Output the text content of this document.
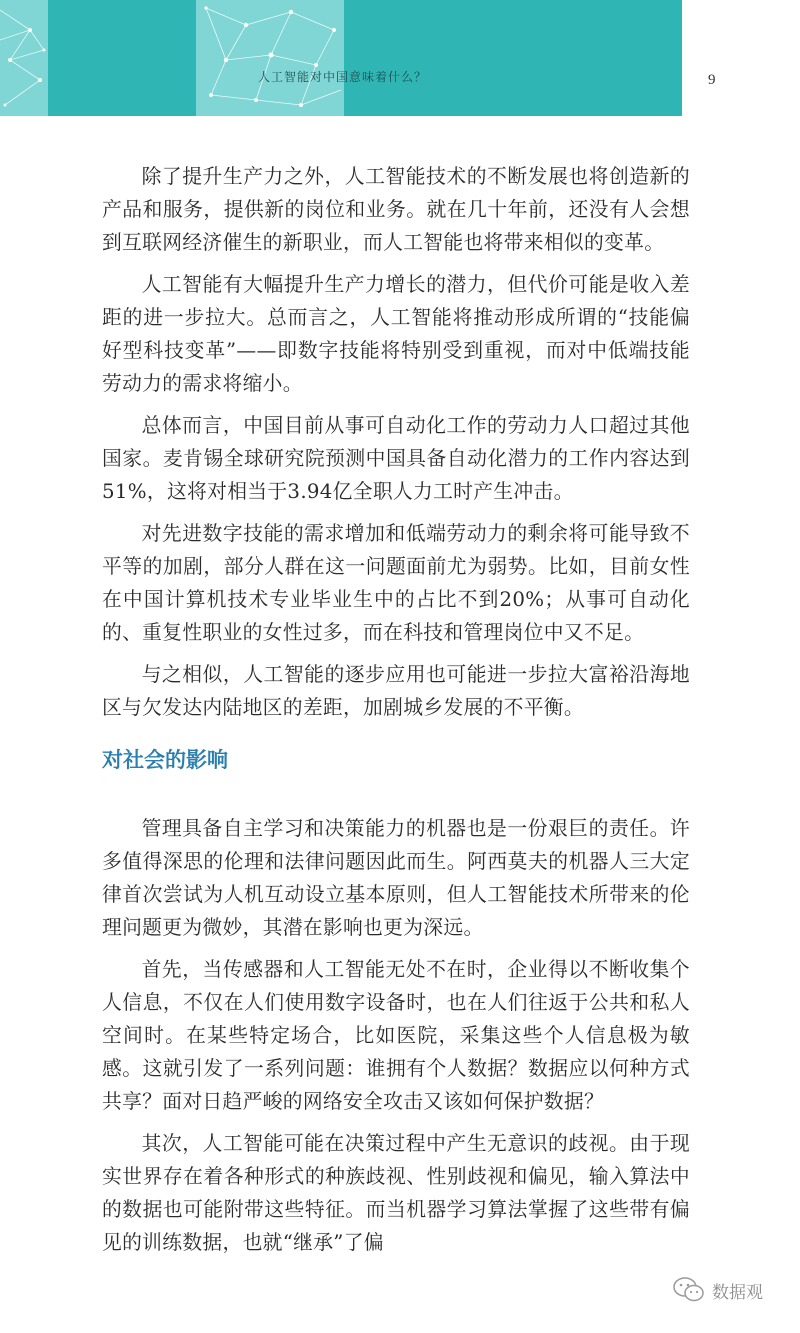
人工智能对中国意味着什么？	9

除了提升生产力之外，人工智能技术的不断发展也将创造新的产品和服务，提供新的岗位和业务。就在几十年前，还没有人会想到互联网经济催生的新职业，而人工智能也将带来相似的变革。

人工智能有大幅提升生产力增长的潜力，但代价可能是收入差距的进一步拉大。总而言之，人工智能将推动形成所谓的“技能偏好型科技变革”——即数字技能将特别受到重视，而对中低端技能劳动力的需求将缩小。

总体而言，中国目前从事可自动化工作的劳动力人口超过其他国家。麦肯锡全球研究院预测中国具备自动化潜力的工作内容达到51%，这将对相当于3.94亿全职人力工时产生冲击。

对先进数字技能的需求增加和低端劳动力的剩余将可能导致不平等的加剧，部分人群在这一问题面前尤为弱势。比如，目前女性在中国计算机技术专业毕业生中的占比不到20%；从事可自动化的、重复性职业的女性过多，而在科技和管理岗位中又不足。

与之相似，人工智能的逐步应用也可能进一步拉大富裕沿海地区与欠发达内陆地区的差距，加剧城乡发展的不平衡。

对社会的影响

管理具备自主学习和决策能力的机器也是一份艰巨的责任。许多值得深思的伦理和法律问题因此而生。阿西莫夫的机器人三大定律首次尝试为人机互动设立基本原则，但人工智能技术所带来的伦理问题更为微妙，其潜在影响也更为深远。

首先，当传感器和人工智能无处不在时，企业得以不断收集个人信息，不仅在人们使用数字设备时，也在人们往返于公共和私人空间时。在某些特定场合，比如医院，采集这些个人信息极为敏感。这就引发了一系列问题：谁拥有个人数据？数据应以何种方式共享？面对日趋严峻的网络安全攻击又该如何保护数据？

其次，人工智能可能在决策过程中产生无意识的歧视。由于现实世界存在着各种形式的种族歧视、性别歧视和偏见，输入算法中的数据也可能附带这些特征。而当机器学习算法掌握了这些带有偏见的训练数据，也就“继承”了偏

数据观
